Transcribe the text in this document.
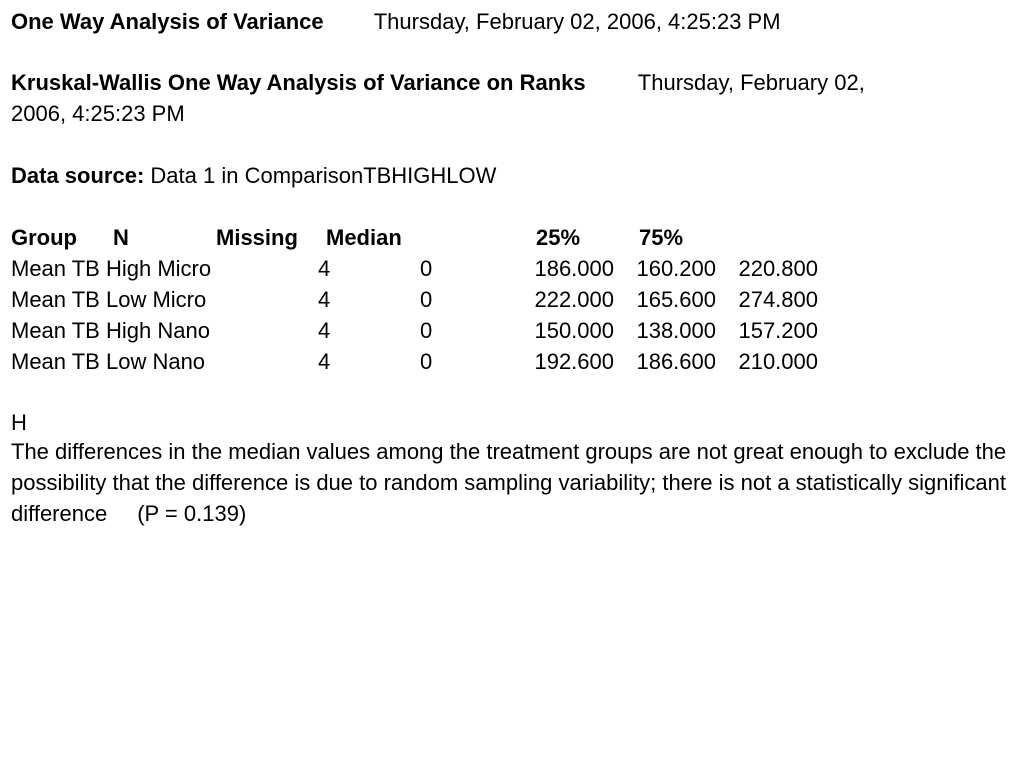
One Way Analysis of Variance Thursday, February 02, 2006, 4:25:23 PM
Kruskal-Wallis One Way Analysis of Variance on Ranks Thursday, February 02,
2006, 4:25:23 PM
Data source: Data 1 in ComparisonTBHIGHLOW
Group N	Missing Median	25%	75%
Mean TB High Micro	4	0	186.000	160.200	220.800
Mean TB Low Micro	4	0	222.000	165.600	274.800
Mean TB High Nano	4	0	150.000	138.000	157.200
Mean TB Low Nano	4	0	192.600	186.600	210.000
H
The differences in the median values among the treatment groups are not great enough to exclude the possibility that the difference is due to random sampling variability; there is not a statistically significant difference (P = 0.139)
